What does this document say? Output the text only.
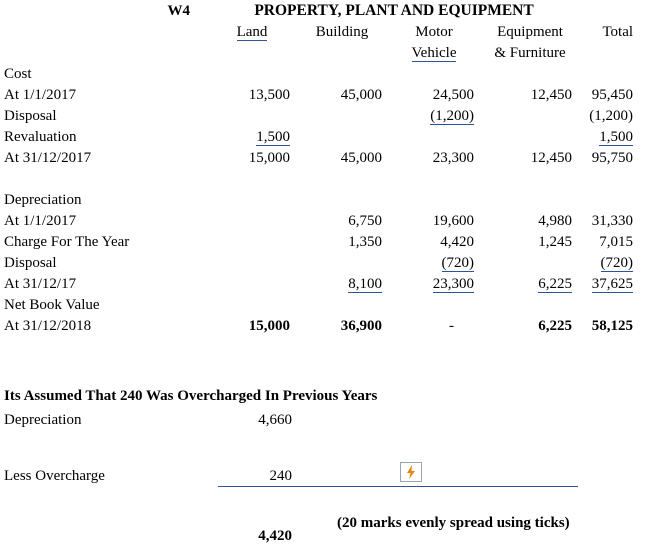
W4	PROPERTY, PLANT AND EQUIPMENT				
	Land	Building	Motor	Equipment	Total
			Vehicle	& Furniture	
Cost					
At 1/1/2017	13,500	45,000	24,500	12,450	95,450
Disposal			(1,200)		(1,200)
Revaluation	1,500				1,500
At 31/12/2017	15,000	45,000	23,300	12,450	95,750

Depreciation					
At 1/1/2017		6,750	19,600	4,980	31,330
Charge For The Year		1,350	4,420	1,245	7,015
Disposal			(720)		(720)
At 31/12/17		8,100	23,300	6,225	37,625
Net Book Value					
At 31/12/2018	15,000	36,900	-	6,225	58,125
Its Assumed That 240 Was Overcharged In Previous Years
Depreciation	4,660
Less Overcharge	240
4,420
(20 marks evenly spread using ticks)
